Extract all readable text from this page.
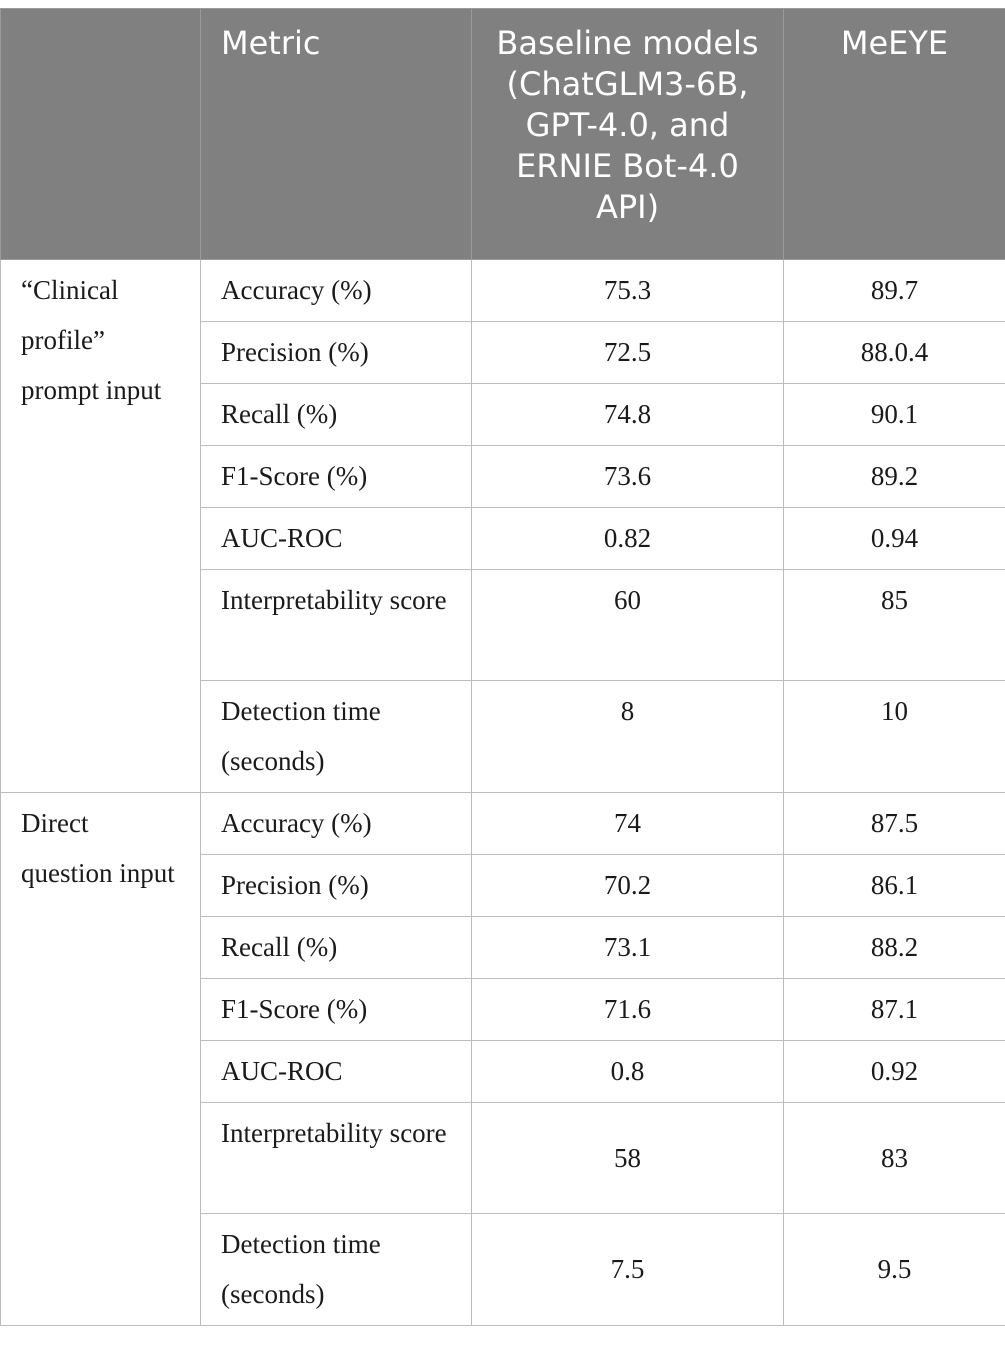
	Metric	Baseline models (ChatGLM3-6B, GPT-4.0, and ERNIE Bot-4.0 API)	MeEYE
“Clinical profile” prompt input	Accuracy (%)	75.3	89.7
	Precision (%)	72.5	88.0.4
	Recall (%)	74.8	90.1
	F1-Score (%)	73.6	89.2
	AUC-ROC	0.82	0.94
	Interpretability score	60	85
	Detection time (seconds)	8	10
Direct question input	Accuracy (%)	74	87.5
	Precision (%)	70.2	86.1
	Recall (%)	73.1	88.2
	F1-Score (%)	71.6	87.1
	AUC-ROC	0.8	0.92
	Interpretability score	58	83
	Detection time (seconds)	7.5	9.5
